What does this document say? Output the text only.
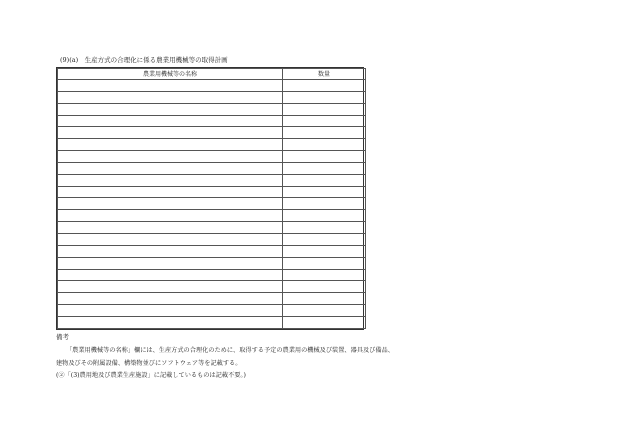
(9)(a)　生産方式の合理化に係る農業用機械等の取得計画
農業用機械等の名称	数量

備考
「農業用機械等の名称」欄には、生産方式の合理化のために、取得する予定の農業用の機械及び装置、器具及び備品、
建物及びその附属設備、構築物並びにソフトウェア等を記載する。
(②「(3)農用地及び農業生産施設」に記載しているものは記載不要。)
